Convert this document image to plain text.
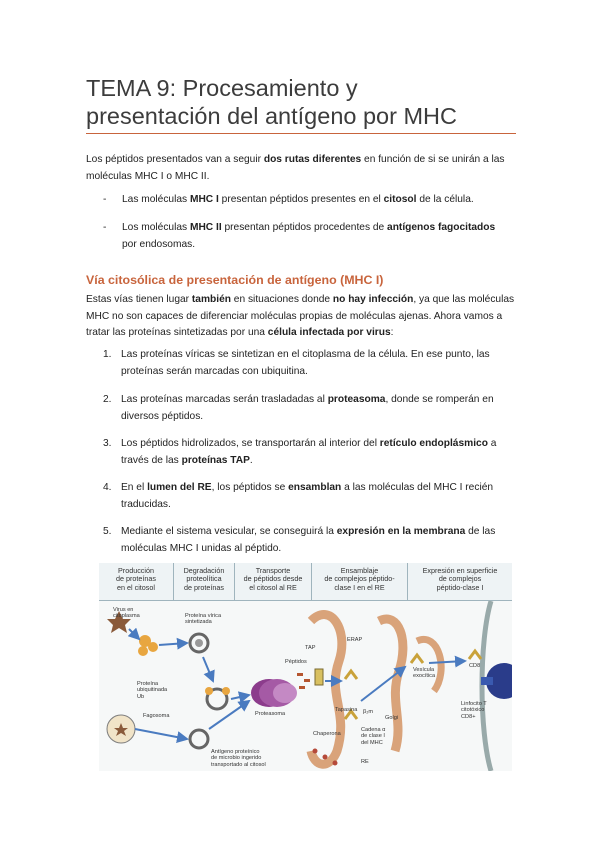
TEMA 9: Procesamiento y
presentación del antígeno por MHC
Los péptidos presentados van a seguir dos rutas diferentes en función de si se unirán a las
moléculas MHC I o MHC II.
- Las moléculas MHC I presentan péptidos presentes en el citosol de la célula.
- Los moléculas MHC II presentan péptidos procedentes de antígenos fagocitados
por endosomas.
Vía citosólica de presentación de antígeno (MHC I)
Estas vías tienen lugar también en situaciones donde no hay infección, ya que las moléculas
MHC no son capaces de diferenciar moléculas propias de moléculas ajenas. Ahora vamos a
tratar las proteínas sintetizadas por una célula infectada por virus:
1. Las proteínas víricas se sintetizan en el citoplasma de la célula. En ese punto, las
proteínas serán marcadas con ubiquitina.
2. Las proteínas marcadas serán trasladadas al proteasoma, donde se romperán en
diversos péptidos.
3. Los péptidos hidrolizados, se transportarán al interior del retículo endoplásmico a
través de las proteínas TAP.
4. En el lumen del RE, los péptidos se ensamblan a las moléculas del MHC I recién
traducidas.
5. Mediante el sistema vesicular, se conseguirá la expresión en la membrana de las
moléculas MHC I unidas al péptido.
Producción
de proteínas
en el citosol
Degradación
proteolítica
de proteínas
Transporte
de péptidos desde
el citosol al RE
Ensamblaje
de complejos péptido-
clase I en el RE
Expresión en superficie
de complejos
péptido-clase I
Virus en
citoplasma	Proteína vírica
sintetizada
Proteína
ubiquitinada
Ub
Fagosoma
Antígeno proteínico
de microbio ingerido
transportado al citosol
Proteasoma
Péptidos
TAP
ERAP
Tapasina β₂m
Golgi
Chaperona
Cadena α
de clase I
del MHC
RE
Vesícula
exocítica
CD8
Linfocito T
citotóxico
CD8+
